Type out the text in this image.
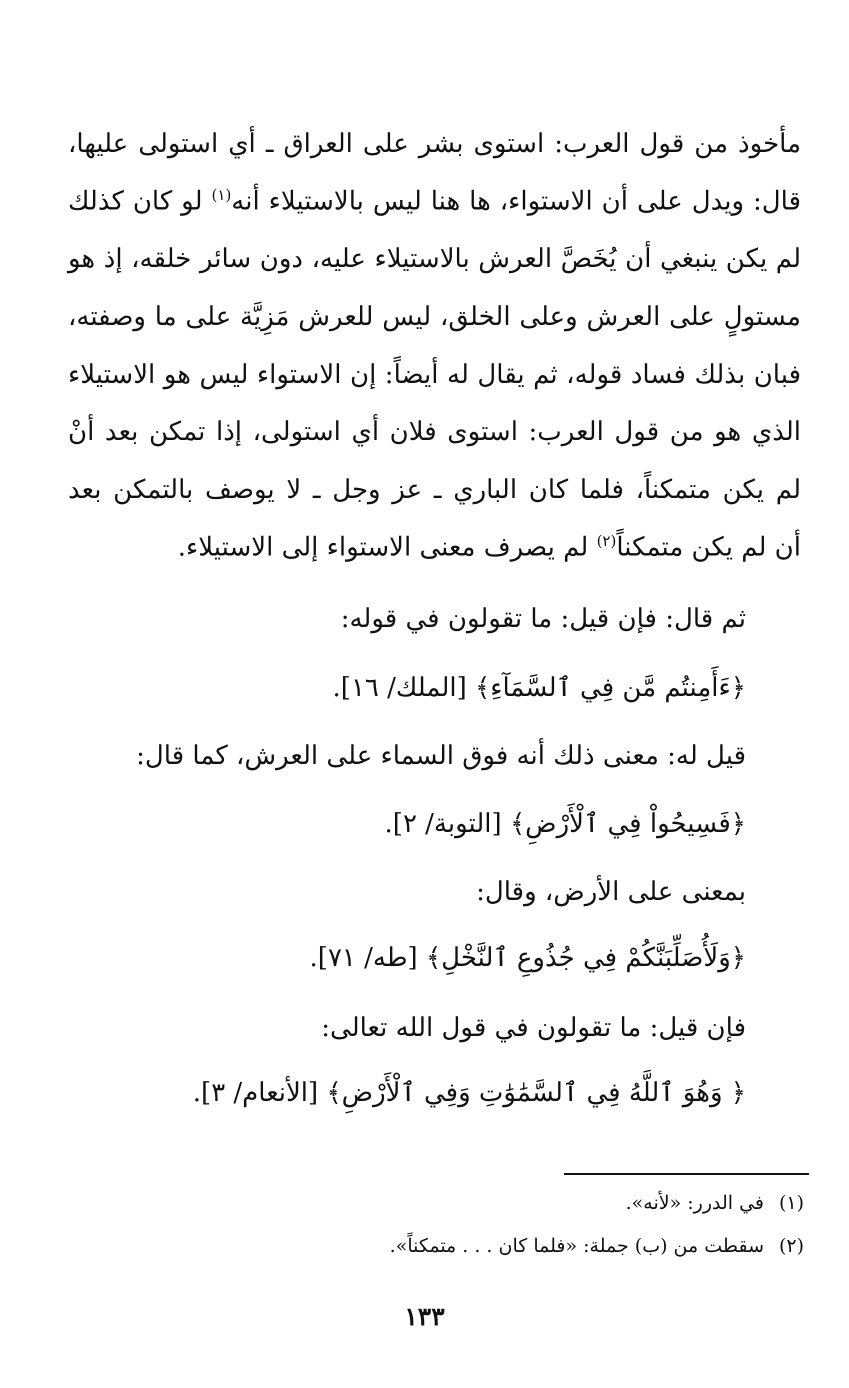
مأخوذ من قول العرب: استوى بشر على العراق ـ أي استولى عليها،
قال: ويدل على أن الاستواء، ها هنا ليس بالاستيلاء أنه$^{(١)}$ لو كان كذلك
لم يكن ينبغي أن يُخَصَّ العرش بالاستيلاء عليه، دون سائر خلقه، إذ هو
مستولٍ على العرش وعلى الخلق، ليس للعرش مَزِيَّة على ما وصفته،
فبان بذلك فساد قوله، ثم يقال له أيضاً: إن الاستواء ليس هو الاستيلاء
الذي هو من قول العرب: استوى فلان أي استولى، إذا تمكن بعد أنْ
لم يكن متمكناً، فلما كان الباري ـ عز وجل ـ لا يوصف بالتمكن بعد
أن لم يكن متمكناً$^{(٢)}$ لم يصرف معنى الاستواء إلى الاستيلاء.
ثم قال: فإن قيل: ما تقولون في قوله:
﴿ءَأَمِنتُم مَّن فِي ٱلسَّمَآءِ﴾ [الملك/ ١٦].
قيل له: معنى ذلك أنه فوق السماء على العرش، كما قال:
﴿فَسِيحُواْ فِي ٱلْأَرْضِ﴾ [التوبة/ ٢].
بمعنى على الأرض، وقال:
﴿وَلَأُصَلِّبَنَّكُمْ فِي جُذُوعِ ٱلنَّخْلِ﴾ [طه/ ٧١].
فإن قيل: ما تقولون في قول الله تعالى:
﴿ وَهُوَ ٱللَّهُ فِي ٱلسَّمَٰوَٰتِ وَفِي ٱلْأَرْضِ﴾ [الأنعام/ ٣].
(١)في الدرر: «لأنه».
(٢)سقطت من (ب) جملة: «فلما كان . . . متمكناً».
١٣٣
